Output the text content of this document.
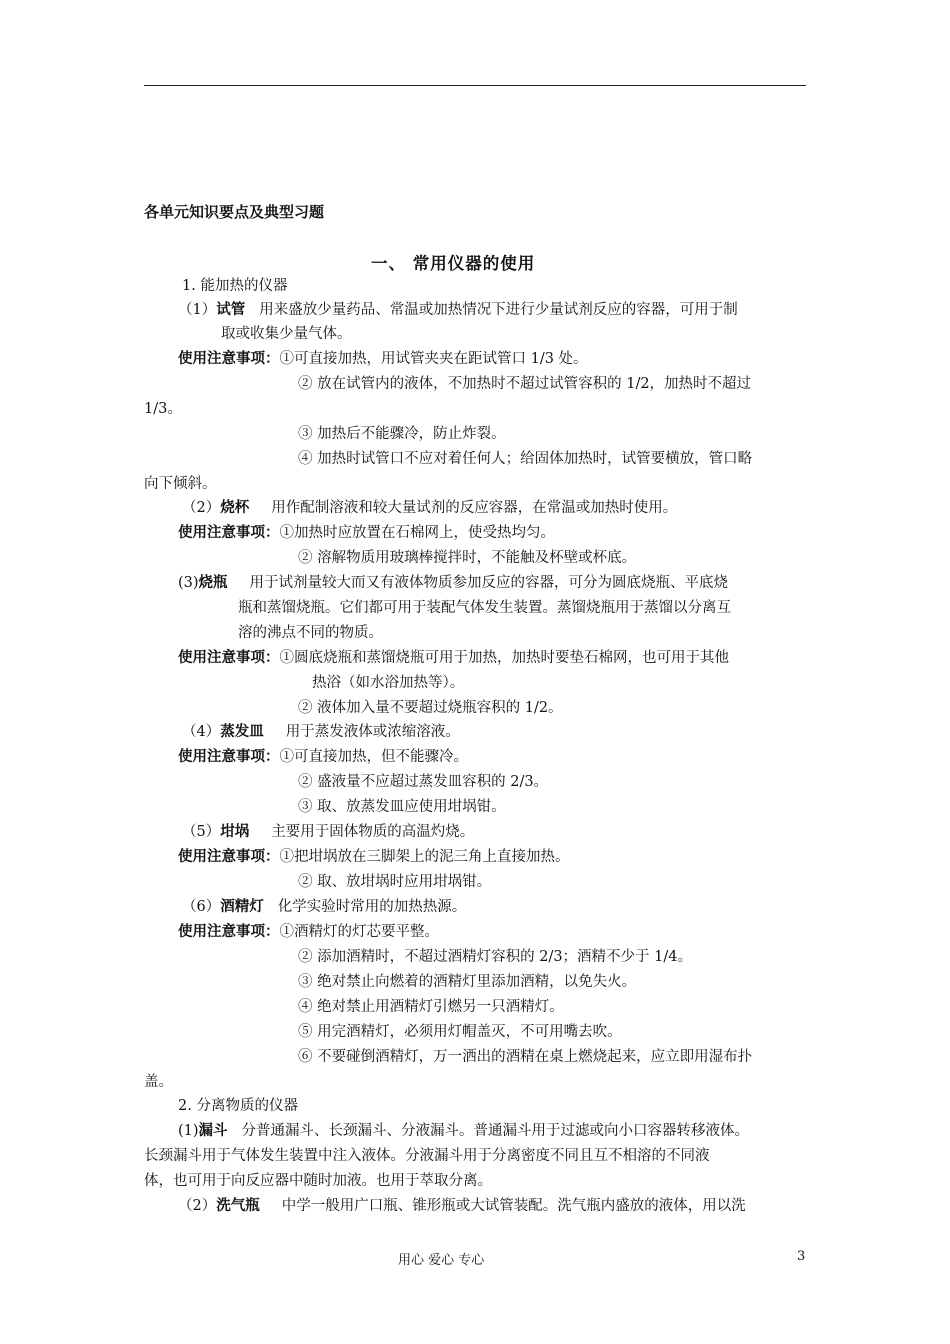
各单元知识要点及典型习题
一、 常用仪器的使用
1. 能加热的仪器
（1）试管 用来盛放少量药品、常温或加热情况下进行少量试剂反应的容器，可用于制
取或收集少量气体。
使用注意事项：①可直接加热，用试管夹夹在距试管口 1/3 处。
② 放在试管内的液体，不加热时不超过试管容积的 1/2，加热时不超过
1/3。
③ 加热后不能骤冷，防止炸裂。
④ 加热时试管口不应对着任何人；给固体加热时，试管要横放，管口略
向下倾斜。
（2）烧杯 用作配制溶液和较大量试剂的反应容器，在常温或加热时使用。
使用注意事项：①加热时应放置在石棉网上，使受热均匀。
② 溶解物质用玻璃棒搅拌时，不能触及杯壁或杯底。
(3)烧瓶 用于试剂量较大而又有液体物质参加反应的容器，可分为圆底烧瓶、平底烧
瓶和蒸馏烧瓶。它们都可用于装配气体发生装置。蒸馏烧瓶用于蒸馏以分离互
溶的沸点不同的物质。
使用注意事项：①圆底烧瓶和蒸馏烧瓶可用于加热，加热时要垫石棉网，也可用于其他
热浴（如水浴加热等）。
② 液体加入量不要超过烧瓶容积的 1/2。
（4）蒸发皿 用于蒸发液体或浓缩溶液。
使用注意事项：①可直接加热，但不能骤冷。
② 盛液量不应超过蒸发皿容积的 2/3。
③ 取、放蒸发皿应使用坩埚钳。
（5）坩埚 主要用于固体物质的高温灼烧。
使用注意事项：①把坩埚放在三脚架上的泥三角上直接加热。
② 取、放坩埚时应用坩埚钳。
（6）酒精灯 化学实验时常用的加热热源。
使用注意事项：①酒精灯的灯芯要平整。
② 添加酒精时，不超过酒精灯容积的 2/3；酒精不少于 1/4。
③ 绝对禁止向燃着的酒精灯里添加酒精，以免失火。
④ 绝对禁止用酒精灯引燃另一只酒精灯。
⑤ 用完酒精灯，必须用灯帽盖灭，不可用嘴去吹。
⑥ 不要碰倒酒精灯，万一洒出的酒精在桌上燃烧起来，应立即用湿布扑
盖。
2. 分离物质的仪器
(1)漏斗 分普通漏斗、长颈漏斗、分液漏斗。普通漏斗用于过滤或向小口容器转移液体。
长颈漏斗用于气体发生装置中注入液体。分液漏斗用于分离密度不同且互不相溶的不同液
体，也可用于向反应器中随时加液。也用于萃取分离。
（2）洗气瓶 中学一般用广口瓶、锥形瓶或大试管装配。洗气瓶内盛放的液体，用以洗
用心 爱心 专心	3
